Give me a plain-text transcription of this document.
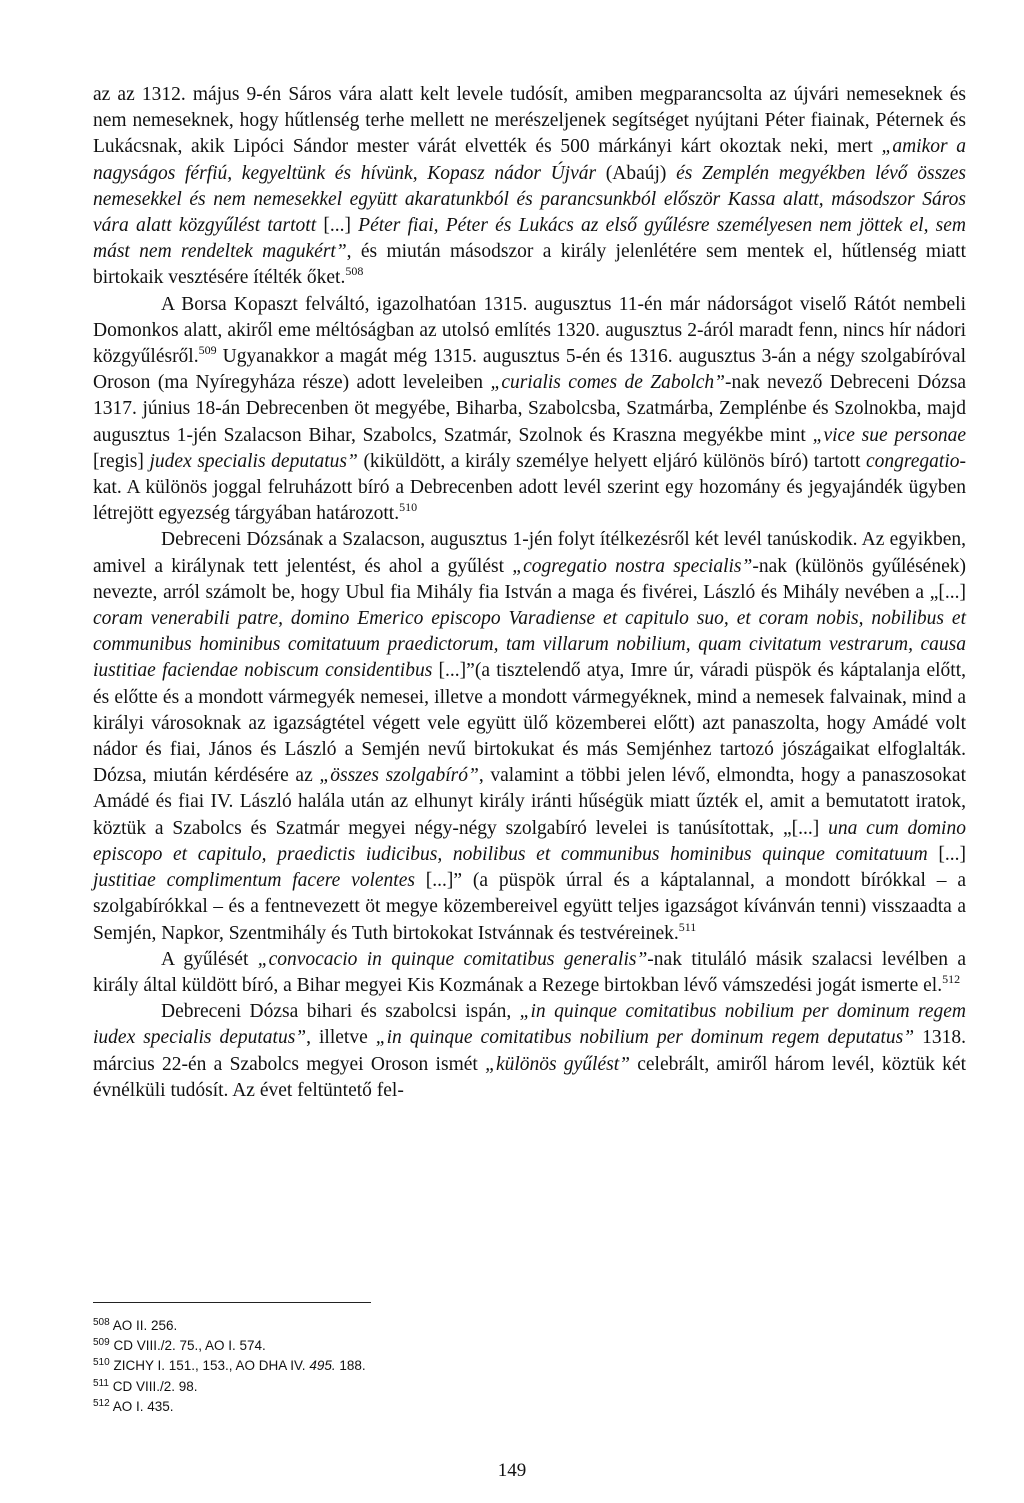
az az 1312. május 9-én Sáros vára alatt kelt levele tudósít, amiben megparancsolta az újvári nemeseknek és nem nemeseknek, hogy hűtlenség terhe mellett ne merészeljenek segítséget nyújtani Péter fiainak, Péternek és Lukácsnak, akik Lipóci Sándor mester várát elvették és 500 márkányi kárt okoztak neki, mert „amikor a nagyságos férfiú, kegyeltünk és hívünk, Kopasz nádor Újvár (Abaúj) és Zemplén megyékben lévő összes nemesekkel és nem nemesekkel együtt akaratunkból és parancsunkból először Kassa alatt, másodszor Sáros vára alatt közgyűlést tartott [...] Péter fiai, Péter és Lukács az első gyűlésre személyesen nem jöttek el, sem mást nem rendeltek magukért”, és miután másodszor a király jelenlétére sem mentek el, hűtlenség miatt birtokaik vesztésére ítélték őket.$^{508}$

A Borsa Kopaszt felváltó, igazolhatóan 1315. augusztus 11-én már nádorságot viselő Rátót nembeli Domonkos alatt, akiről eme méltóságban az utolsó említés 1320. augusztus 2-áról maradt fenn, nincs hír nádori közgyűlésről.$^{509}$ Ugyanakkor a magát még 1315. augusztus 5-én és 1316. augusztus 3-án a négy szolgabíróval Oroson (ma Nyíregyháza része) adott leveleiben „curialis comes de Zabolch”-nak nevező Debreceni Dózsa 1317. június 18-án Debrecenben öt megyébe, Biharba, Szabolcsba, Szatmárba, Zemplénbe és Szolnokba, majd augusztus 1-jén Szalacson Bihar, Szabolcs, Szatmár, Szolnok és Kraszna megyékbe mint „vice sue personae [regis] judex specialis deputatus” (kiküldött, a király személye helyett eljáró különös bíró) tartott congregatio-kat. A különös joggal felruházott bíró a Debrecenben adott levél szerint egy hozomány és jegyajándék ügyben létrejött egyezség tárgyában határozott.$^{510}$

Debreceni Dózsának a Szalacson, augusztus 1-jén folyt ítélkezésről két levél tanúskodik. Az egyikben, amivel a királynak tett jelentést, és ahol a gyűlést „cogregatio nostra specialis”-nak (különös gyűlésének) nevezte, arról számolt be, hogy Ubul fia Mihály fia István a maga és fivérei, László és Mihály nevében a „[...] coram venerabili patre, domino Emerico episcopo Varadiense et capitulo suo, et coram nobis, nobilibus et communibus hominibus comitatuum praedictorum, tam villarum nobilium, quam civitatum vestrarum, causa iustitiae faciendae nobiscum considentibus [...]”(a tisztelendő atya, Imre úr, váradi püspök és káptalanja előtt, és előtte és a mondott vármegyék nemesei, illetve a mondott vármegyéknek, mind a nemesek falvainak, mind a királyi városoknak az igazságtétel végett vele együtt ülő közemberei előtt) azt panaszolta, hogy Amádé volt nádor és fiai, János és László a Semjén nevű birtokukat és más Semjénhez tartozó jószágaikat elfoglalták. Dózsa, miután kérdésére az „összes szolgabíró”, valamint a többi jelen lévő, elmondta, hogy a panaszosokat Amádé és fiai IV. László halála után az elhunyt király iránti hűségük miatt űzték el, amit a bemutatott iratok, köztük a Szabolcs és Szatmár megyei négy-négy szolgabíró levelei is tanúsítottak, „[...] una cum domino episcopo et capitulo, praedictis iudicibus, nobilibus et communibus hominibus quinque comitatuum [...] justitiae complimentum facere volentes [...]” (a püspök úrral és a káptalannal, a mondott bírókkal – a szolgabírókkal – és a fentnevezett öt megye közembereivel együtt teljes igazságot kívánván tenni) visszaadta a Semjén, Napkor, Szentmihály és Tuth birtokokat Istvánnak és testvéreinek.$^{511}$

A gyűlését „convocacio in quinque comitatibus generalis”-nak tituláló másik szalacsi levélben a király által küldött bíró, a Bihar megyei Kis Kozmának a Rezege birtokban lévő vámszedési jogát ismerte el.$^{512}$

Debreceni Dózsa bihari és szabolcsi ispán, „in quinque comitatibus nobilium per dominum regem iudex specialis deputatus”, illetve „in quinque comitatibus nobilium per dominum regem deputatus” 1318. március 22-én a Szabolcs megyei Oroson ismét „különös gyűlést” celebrált, amiről három levél, köztük két évnélküli tudósít. Az évet feltüntető fel-

$^{508}$ AO II. 256.
$^{509}$ CD VIII./2. 75., AO I. 574.
$^{510}$ ZICHY I. 151., 153., AO DHA IV. 495. 188.
$^{511}$ CD VIII./2. 98.
$^{512}$ AO I. 435.
149
